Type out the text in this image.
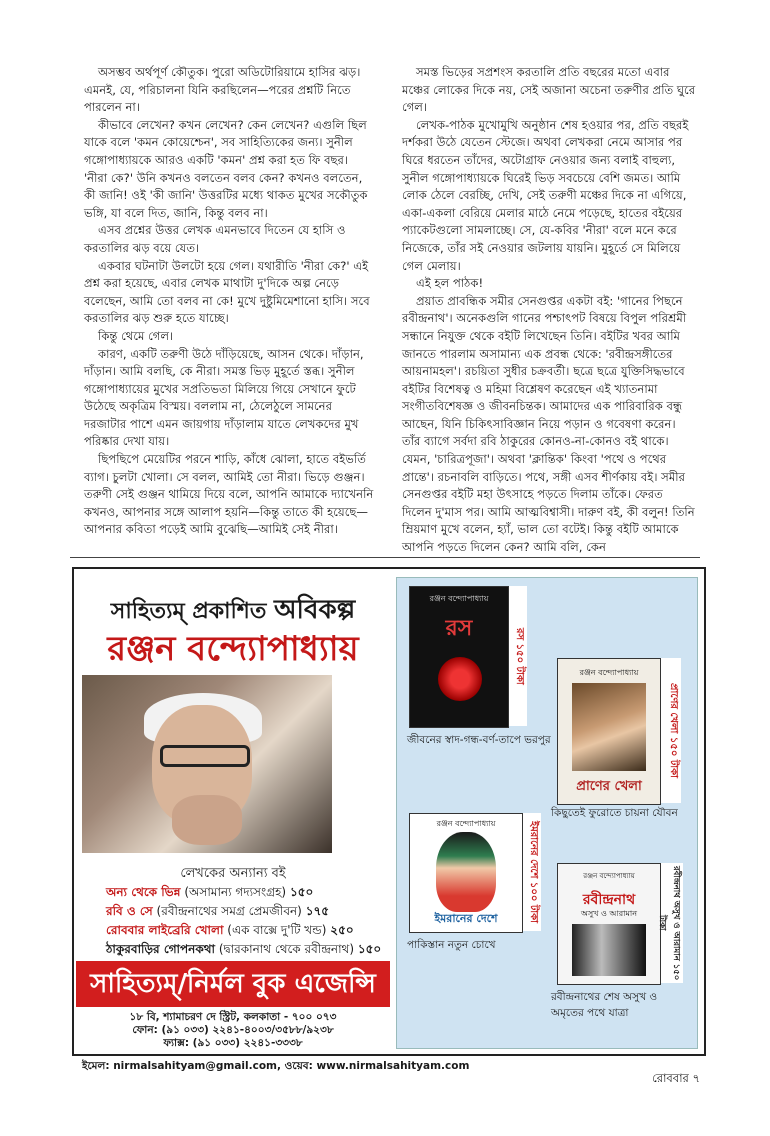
অসম্ভব অর্থপূর্ণ কৌতুক। পুরো অডিটোরিয়ামে হাসির ঝড়। এমনই, যে, পরিচালনা যিনি করছিলেন—পরের প্রশ্নটি নিতে পারলেন না।

কীভাবে লেখেন? কখন লেখেন? কেন লেখেন? এগুলি ছিল যাকে বলে 'কমন কোয়েশ্চেন', সব সাহিত্যিকের জন্য। সুনীল গঙ্গোপাধ্যায়কে আরও একটি 'কমন' প্রশ্ন করা হত ফি বছর। 'নীরা কে?' উনি কখনও বলতেন বলব কেন? কখনও বলতেন, কী জানি! ওই 'কী জানি' উত্তরটির মধ্যে থাকত মুখের সকৌতুক ভঙ্গি, যা বলে দিত, জানি, কিন্তু বলব না।

এসব প্রশ্নের উত্তর লেখক এমনভাবে দিতেন যে হাসি ও করতালির ঝড় বয়ে যেত।

একবার ঘটনাটা উলটো হয়ে গেল। যথারীতি 'নীরা কে?' এই প্রশ্ন করা হয়েছে, এবার লেখক মাথাটা দু'দিকে অল্প নেড়ে বলেছেন, আমি তো বলব না কে! মুখে দুষ্টুমিমেশানো হাসি। সবে করতালির ঝড় শুরু হতে যাচ্ছে।

কিন্তু থেমে গেল।

কারণ, একটি তরুণী উঠে দাঁড়িয়েছে, আসন থেকে। দাঁড়ান, দাঁড়ান। আমি বলছি, কে নীরা। সমস্ত ভিড় মুহূর্তে স্তব্ধ। সুনীল গঙ্গোপাধ্যায়ের মুখের সপ্রতিভতা মিলিয়ে গিয়ে সেখানে ফুটে উঠেছে অকৃত্রিম বিস্ময়। বললাম না, ঠেলেঠুলে সামনের দরজাটার পাশে এমন জায়গায় দাঁড়ালাম যাতে লেখকদের মুখ পরিষ্কার দেখা যায়।

ছিপছিপে মেয়েটির পরনে শাড়ি, কাঁধে ঝোলা, হাতে বইভর্তি ব্যাগ। চুলটা খোলা। সে বলল, আমিই তো নীরা। ভিড়ে গুঞ্জন। তরুণী সেই গুঞ্জন থামিয়ে দিয়ে বলে, আপনি আমাকে দ্যাখেননি কখনও, আপনার সঙ্গে আলাপ হয়নি—কিন্তু তাতে কী হয়েছে—আপনার কবিতা পড়েই আমি বুঝেছি—আমিই সেই নীরা।

সমস্ত ভিড়ের সপ্রশংস করতালি প্রতি বছরের মতো এবার মঞ্চের লোকের দিকে নয়, সেই অজানা অচেনা তরুণীর প্রতি ঘুরে গেল।

লেখক-পাঠক মুখোমুখি অনুষ্ঠান শেষ হওয়ার পর, প্রতি বছরই দর্শকরা উঠে যেতেন স্টেজে। অথবা লেখকরা নেমে আসার পর ঘিরে ধরতেন তাঁদের, অটোগ্রাফ নেওয়ার জন্য বলাই বাহুল্য, সুনীল গঙ্গোপাধ্যায়কে ঘিরেই ভিড় সবচেয়ে বেশি জমত। আমি লোক ঠেলে বেরচ্ছি, দেখি, সেই তরুণী মঞ্চের দিকে না এগিয়ে, একা-একলা বেরিয়ে মেলার মাঠে নেমে পড়েছে, হাতের বইয়ের প্যাকেটগুলো সামলাচ্ছে। সে, যে-কবির 'নীরা' বলে মনে করে নিজেকে, তাঁর সই নেওয়ার জটলায় যায়নি। মুহূর্তে সে মিলিয়ে গেল মেলায়।

এই হল পাঠক!

প্রয়াত প্রাবন্ধিক সমীর সেনগুপ্তর একটা বই: 'গানের পিছনে রবীন্দ্রনাথ'। অনেকগুলি গানের পশ্চাৎপট বিষয়ে বিপুল পরিশ্রমী সন্ধানে নিযুক্ত থেকে বইটি লিখেছেন তিনি। বইটির খবর আমি জানতে পারলাম অসামান্য এক প্রবন্ধ থেকে: 'রবীন্দ্রসঙ্গীতের আয়নামহল'। রচয়িতা সুধীর চক্রবর্তী। ছত্রে ছত্রে যুক্তিসিদ্ধভাবে বইটির বিশেষত্ব ও মহিমা বিশ্লেষণ করেছেন এই খ্যাতনামা সংগীতবিশেষজ্ঞ ও জীবনচিন্তক। আমাদের এক পারিবারিক বন্ধু আছেন, যিনি চিকিৎসাবিজ্ঞান নিয়ে পড়ান ও গবেষণা করেন। তাঁর ব্যাগে সর্বদা রবি ঠাকুরের কোনও-না-কোনও বই থাকে। যেমন, 'চারিত্রপূজা'। অথবা 'ক্লান্তিক' কিংবা 'পথে ও পথের প্রান্তে'। রচনাবলি বাড়িতে। পথে, সঙ্গী এসব শীর্ণকায় বই। সমীর সেনগুপ্তর বইটি মহা উৎসাহে পড়তে দিলাম তাঁকে। ফেরত দিলেন দু'মাস পর। আমি আত্মবিশ্বাসী। দারুণ বই, কী বলুন! তিনি ম্রিয়মাণ মুখে বলেন, হ্যাঁ, ভাল তো বটেই। কিন্তু বইটি আমাকে আপনি পড়তে দিলেন কেন? আমি বলি, কেন

সাহিত্যম্ প্রকাশিত অবিকল্প
রঞ্জন বন্দ্যোপাধ্যায়
লেখকের অন্যান্য বই
অন্য থেকে ভিন্ন (অসামান্য গদ্যসংগ্রহ) ১৫০
রবি ও সে (রবীন্দ্রনাথের সমগ্র প্রেমজীবন) ১৭৫
রোববার লাইব্রেরি খোলা (এক বাক্সে দু'টি খন্ড) ২৫০
ঠাকুরবাড়ির গোপনকথা (দ্বারকানাথ থেকে রবীন্দ্রনাথ) ১৫০
সাহিত্যম্/নির্মল বুক এজেন্সি
১৮ বি, শ্যামাচরণ দে স্ট্রিট, কলকাতা - ৭০০ ০৭৩
ফোন: (৯১ ০৩৩) ২২৪১-৪০০৩/৩৫৮৮/৯২৩৮
ফ্যাক্স: (৯১ ০৩৩) ২২৪১-৩৩৩৮
ইমেল: nirmalsahityam@gmail.com, ওয়েব: www.nirmalsahityam.com
রঞ্জন বন্দ্যোপাধ্যায়
রস	রস ১৫০ টাকা
জীবনের স্বাদ-গন্ধ-বর্ণ-তাপে ভরপুর
রঞ্জন বন্দ্যোপাধ্যায়
প্রাণের খেলা
প্রাণের খেলা ১৫০ টাকা
কিছুতেই ফুরোতে চায়না যৌবন
রঞ্জন বন্দ্যোপাধ্যায়
ইমরানের দেশে	ইমরানের দেশে ১০০ টাকা
পাকিস্তান নতুন চোখে
রঞ্জন বন্দ্যোপাধ্যায়
রবীন্দ্রনাথ
অসুখ ও আরামান	রবীন্দ্রনাথ অসুখ ও আরামান ১৫০ টাকা
রবীন্দ্রনাথের শেষ অসুখ ও
অমৃতের পথে যাত্রা
রোববার ৭
